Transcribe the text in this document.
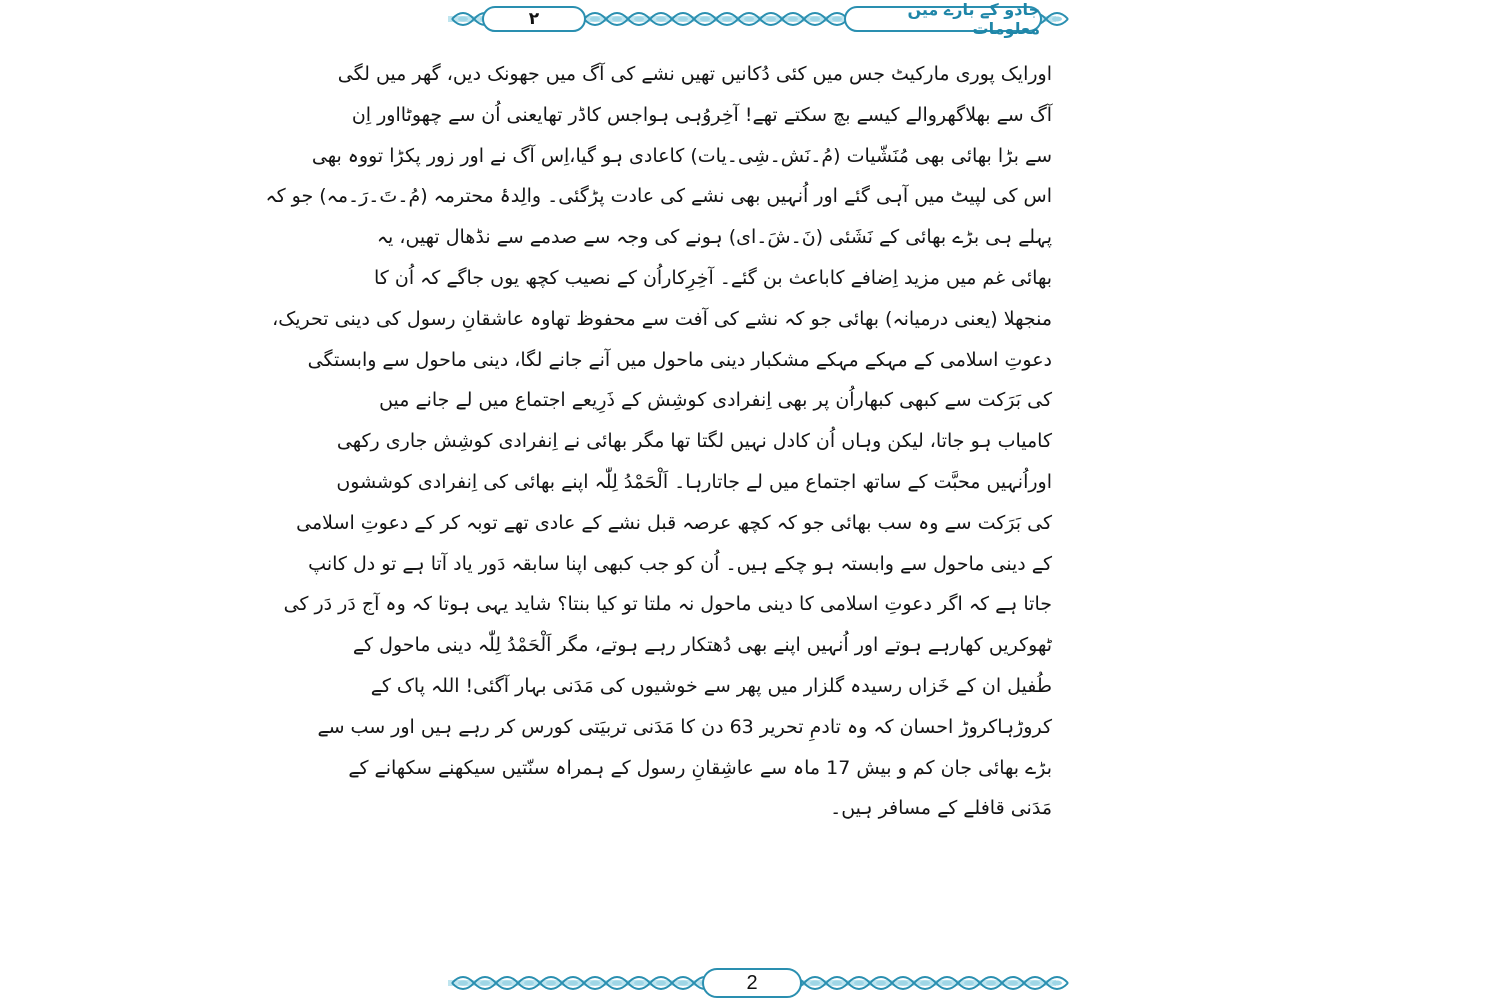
۲	جادو کے بارے میں معلومات
اورایک پوری مارکیٹ جس میں کئی دُکانیں تھیں نشے کی آگ میں جھونک دیں، گھر میں لگی
آگ سے بھلاگھروالے کیسے بچ سکتے تھے! آخِروُہی ہواجس کاڈر تھایعنی اُن سے چھوٹااور اِن
سے بڑا بھائی بھی مُنَشّیات (مُ۔نَش۔شِی۔یات) کاعادی ہو گیا،اِس آگ نے اور زور پکڑا تووہ بھی
اس کی لپیٹ میں آہی گئے اور اُنہیں بھی نشے کی عادت پڑگئی۔ والِدۂ محترمہ (مُ۔تَ۔رَ۔مہ) جو کہ
پہلے ہی بڑے بھائی کے نَشَئی (نَ۔شَ۔ای) ہونے کی وجہ سے صدمے سے نڈھال تھیں، یہ
بھائی غم میں مزید اِضافے کاباعث بن گئے۔ آخِرِکاراُن کے نصیب کچھ یوں جاگے کہ اُن کا
منجھلا (یعنی درمیانہ) بھائی جو کہ نشے کی آفت سے محفوظ تھاوہ عاشقانِ رسول کی دینی تحریک،
دعوتِ اسلامی کے مہکے مہکے مشکبار دینی ماحول میں آنے جانے لگا، دینی ماحول سے وابستگی
کی بَرَکت سے کبھی کبھاراُن پر بھی اِنفرادی کوشِش کے ذَرِیعے اجتماع میں لے جانے میں
کامیاب ہو جاتا، لیکن وہاں اُن کادل نہیں لگتا تھا مگر بھائی نے اِنفرادی کوشِش جاری رکھی
اوراُنہیں محبَّت کے ساتھ اجتماع میں لے جاتارہا۔ اَلْحَمْدُ لِلّٰہ اپنے بھائی کی اِنفرادی کوششوں
کی بَرَکت سے وہ سب بھائی جو کہ کچھ عرصہ قبل نشے کے عادی تھے توبہ کر کے دعوتِ اسلامی
کے دینی ماحول سے وابستہ ہو چکے ہیں۔ اُن کو جب کبھی اپنا سابقہ دَور یاد آتا ہے تو دل کانپ
جاتا ہے کہ اگر دعوتِ اسلامی کا دینی ماحول نہ ملتا تو کیا بنتا؟ شاید یہی ہوتا کہ وہ آج دَر دَر کی
ٹھوکریں کھارہے ہوتے اور اُنہیں اپنے بھی دُھتکار رہے ہوتے، مگر اَلْحَمْدُ لِلّٰہ دینی ماحول کے
طُفیل ان کے خَزاں رسیدہ گلزار میں پھر سے خوشیوں کی مَدَنی بہار آگئی! اللہ پاک کے
کروڑہاکروڑ احسان کہ وہ تادمِ تحریر 63 دن کا مَدَنی تربیَتی کورس کر رہے ہیں اور سب سے
بڑے بھائی جان کم و بیش 17 ماہ سے عاشِقانِ رسول کے ہمراہ سنّتیں سیکھنے سکھانے کے
مَدَنی قافلے کے مسافر ہیں۔
2
